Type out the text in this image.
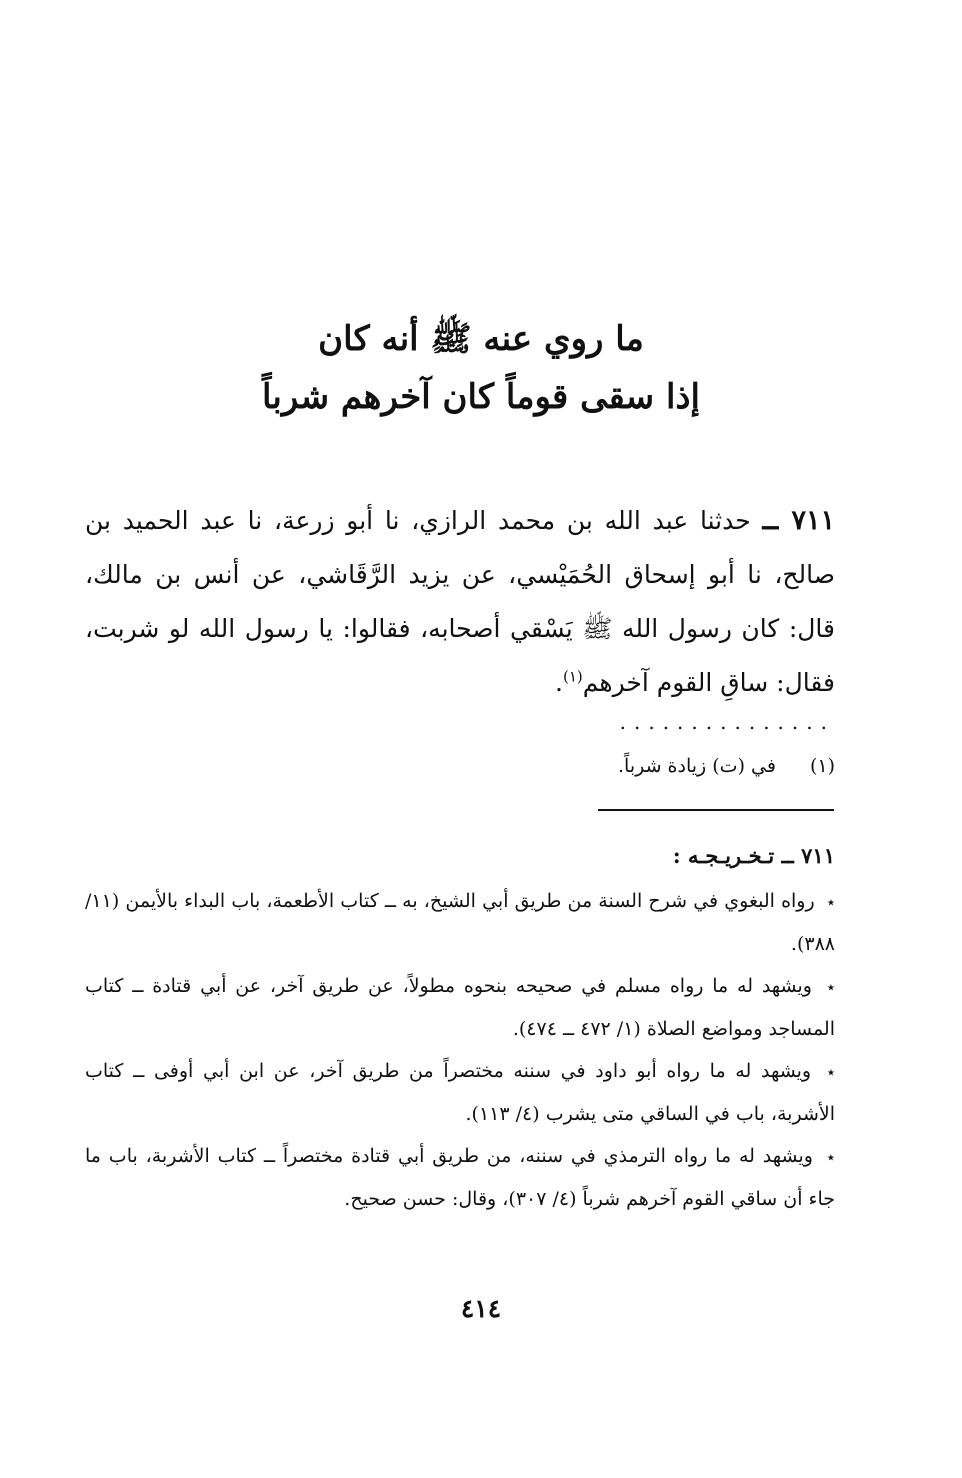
ما روي عنه ﷺ أنه كان
إذا سقى قوماً كان آخرهم شرباً
٧١١ ــ حدثنا عبد الله بن محمد الرازي، نا أبو زرعة، نا عبد الحميد بن صالح، نا أبو إسحاق الحُمَيْسي، عن يزيد الرَّقَاشي، عن أنس بن مالك، قال: كان رسول الله ﷺ يَسْقي أصحابه، فقالوا: يا رسول الله لو شربت، فقال: ساقِ القوم آخرهم$^{(١)}$.
...............
(١)
في (ت) زيادة شرباً.
٧١١ ــ تـخـريـجـه :

٭ رواه البغوي في شرح السنة من طريق أبي الشيخ، به ــ كتاب الأطعمة، باب البداء بالأيمن (١١/ ٣٨٨).

٭ ويشهد له ما رواه مسلم في صحيحه بنحوه مطولاً، عن طريق آخر، عن أبي قتادة ــ كتاب المساجد ومواضع الصلاة (١/ ٤٧٢ ــ ٤٧٤).

٭ ويشهد له ما رواه أبو داود في سننه مختصراً من طريق آخر، عن ابن أبي أوفى ــ كتاب الأشربة، باب في الساقي متى يشرب (٤/ ١١٣).

٭ ويشهد له ما رواه الترمذي في سننه، من طريق أبي قتادة مختصراً ــ كتاب الأشربة، باب ما جاء أن ساقي القوم آخرهم شرباً (٤/ ٣٠٧)، وقال: حسن صحيح.

٤١٤
